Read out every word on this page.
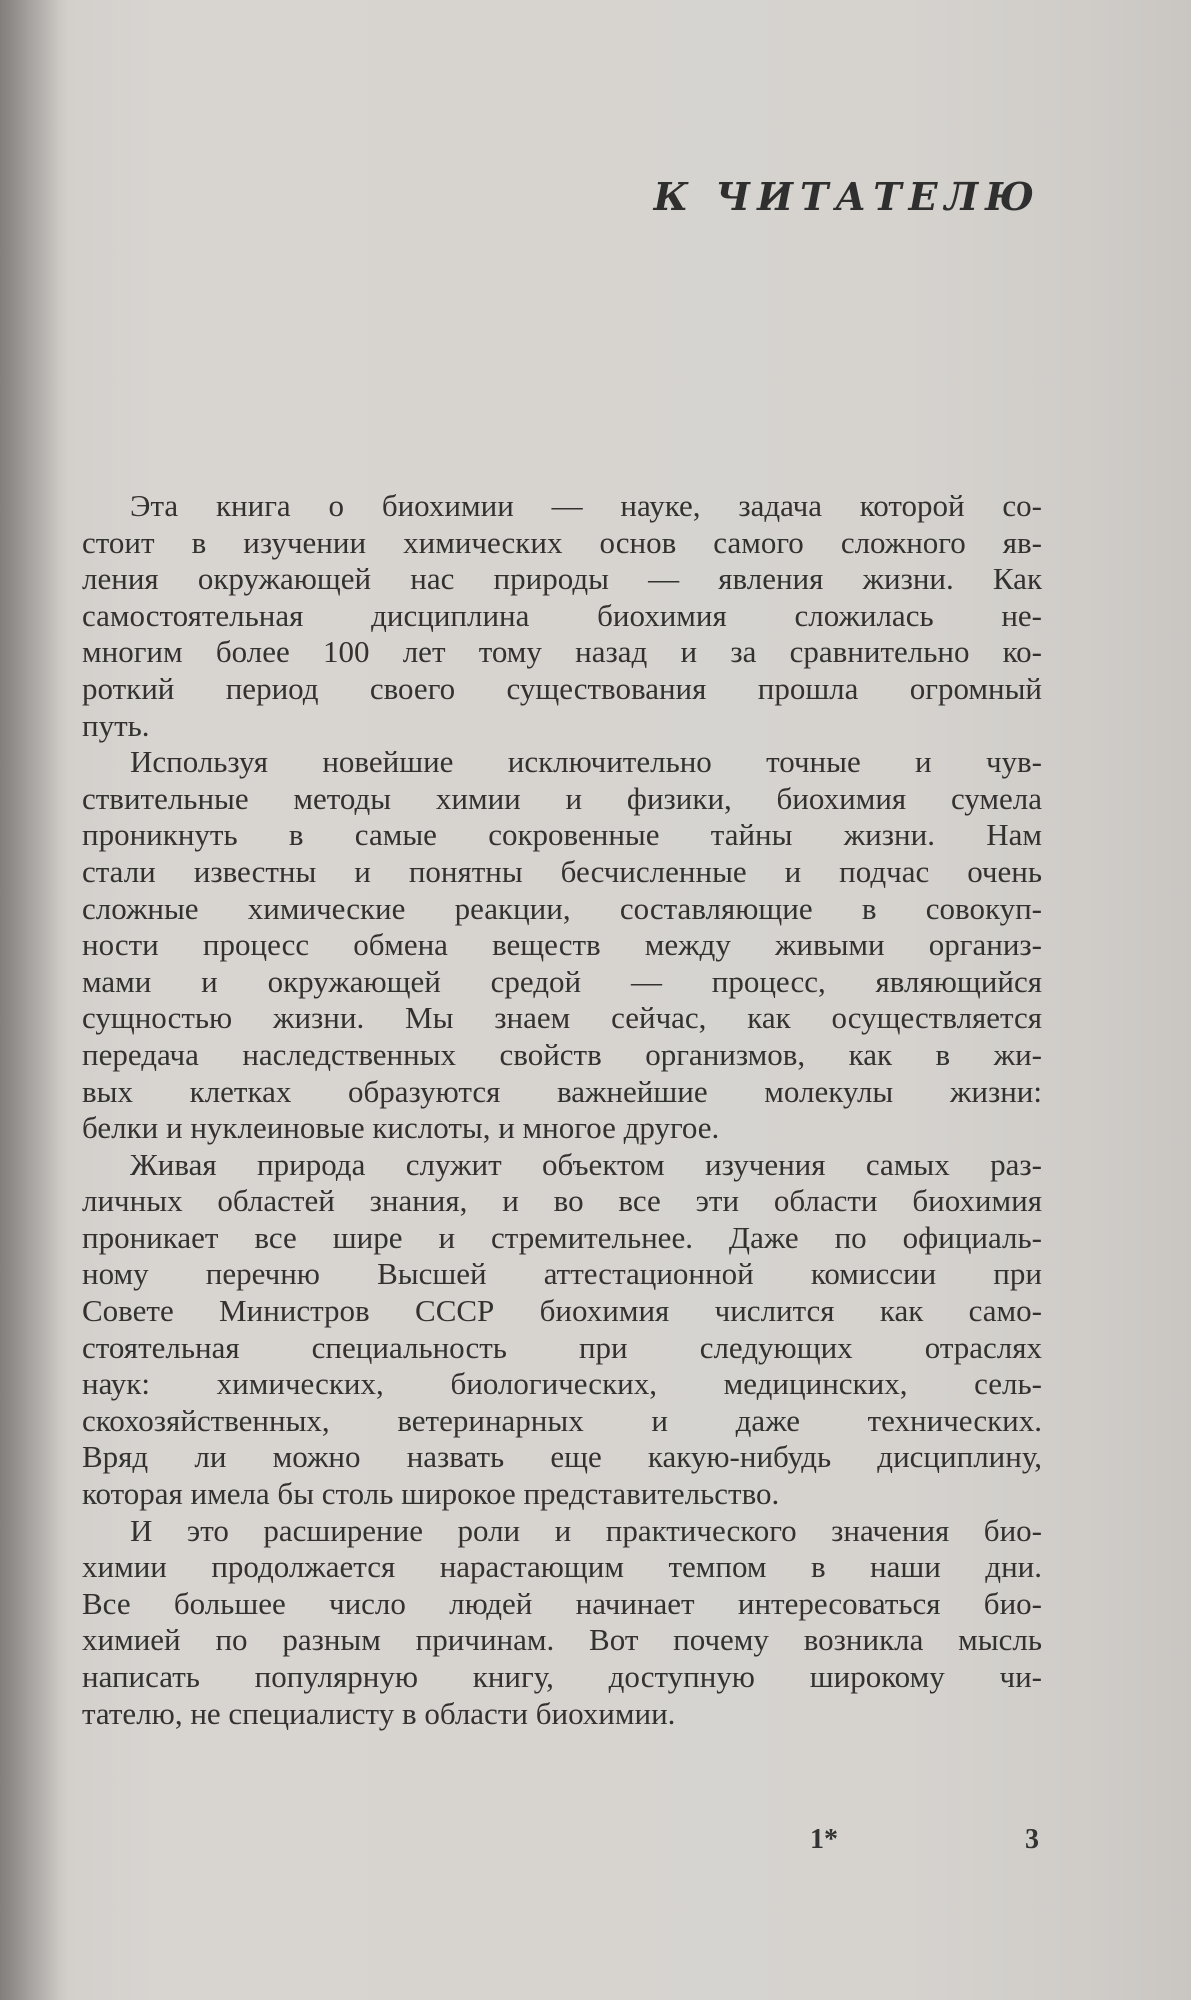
К ЧИТАТЕЛЮ

Эта книга о биохимии — науке, задача которой со-
стоит в изучении химических основ самого сложного яв-
ления окружающей нас природы — явления жизни. Как
самостоятельная дисциплина биохимия сложилась не-
многим более 100 лет тому назад и за сравнительно ко-
роткий период своего существования прошла огромный
путь.

Используя новейшие исключительно точные и чув-
ствительные методы химии и физики, биохимия сумела
проникнуть в самые сокровенные тайны жизни. Нам
стали известны и понятны бесчисленные и подчас очень
сложные химические реакции, составляющие в совокуп-
ности процесс обмена веществ между живыми организ-
мами и окружающей средой — процесс, являющийся
сущностью жизни. Мы знаем сейчас, как осуществляется
передача наследственных свойств организмов, как в жи-
вых клетках образуются важнейшие молекулы жизни:
белки и нуклеиновые кислоты, и многое другое.

Живая природа служит объектом изучения самых раз-
личных областей знания, и во все эти области биохимия
проникает все шире и стремительнее. Даже по официаль-
ному перечню Высшей аттестационной комиссии при
Совете Министров СССР биохимия числится как само-
стоятельная специальность при следующих отраслях
наук: химических, биологических, медицинских, сель-
скохозяйственных, ветеринарных и даже технических.
Вряд ли можно назвать еще какую-нибудь дисциплину,
которая имела бы столь широкое представительство.

И это расширение роли и практического значения био-
химии продолжается нарастающим темпом в наши дни.
Все большее число людей начинает интересоваться био-
химией по разным причинам. Вот почему возникла мысль
написать популярную книгу, доступную широкому чи-
тателю, не специалисту в области биохимии.

1*	3
